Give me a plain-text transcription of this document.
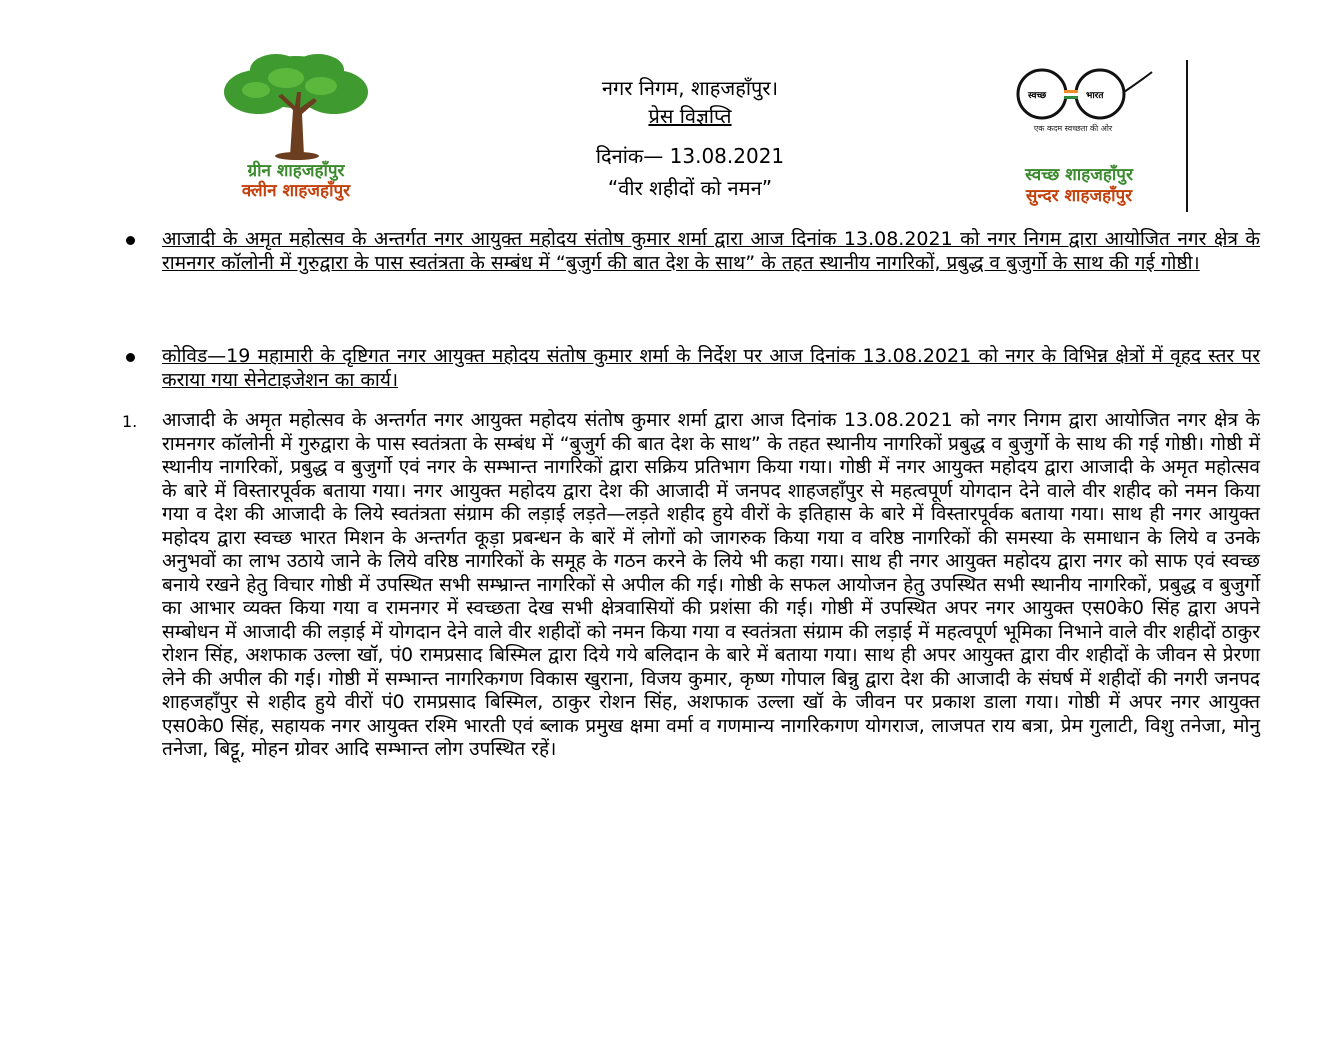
ग्रीन शाहजहाँपुर
क्लीन शाहजहाँपुर
नगर निगम, शाहजहाँपुर।
प्रेस विज्ञप्ति
दिनांक— 13.08.2021
“वीर शहीदों को नमन”
स्वच्छ	भारत
एक कदम स्वच्छता की ओर
स्वच्छ शाहजहाँपुर
सुन्दर शाहजहाँपुर
आजादी के अमृत महोत्सव के अन्तर्गत नगर आयुक्त महोदय संतोष कुमार शर्मा द्वारा आज दिनांक 13.08.2021 को नगर निगम द्वारा आयोजित नगर क्षेत्र के रामनगर कॉलोनी में गुरुद्वारा के पास स्वतंत्रता के सम्बंध में “बुजुर्ग की बात देश के साथ” के तहत स्थानीय नागरिकों, प्रबुद्ध व बुजुर्गो के साथ की गई गोष्ठी।
कोविड—19 महामारी के दृष्टिगत नगर आयुक्त महोदय संतोष कुमार शर्मा के निर्देश पर आज दिनांक 13.08.2021 को नगर के विभिन्न क्षेत्रों में वृहद स्तर पर कराया गया सेनेटाइजेशन का कार्य।
1. आजादी के अमृत महोत्सव के अन्तर्गत नगर आयुक्त महोदय संतोष कुमार शर्मा द्वारा आज दिनांक 13.08.2021 को नगर निगम द्वारा आयोजित नगर क्षेत्र के रामनगर कॉलोनी में गुरुद्वारा के पास स्वतंत्रता के सम्बंध में “बुजुर्ग की बात देश के साथ” के तहत स्थानीय नागरिकों प्रबुद्ध व बुजुर्गो के साथ की गई गोष्ठी। गोष्ठी में स्थानीय नागरिकों, प्रबुद्ध व बुजुर्गो एवं नगर के सम्भान्त नागरिकों द्वारा सक्रिय प्रतिभाग किया गया। गोष्ठी में नगर आयुक्त महोदय द्वारा आजादी के अमृत महोत्सव के बारे में विस्तारपूर्वक बताया गया। नगर आयुक्त महोदय द्वारा देश की आजादी में जनपद शाहजहाँपुर से महत्वपूर्ण योगदान देने वाले वीर शहीद को नमन किया गया व देश की आजादी के लिये स्वतंत्रता संग्राम की लड़ाई लड़ते—लड़ते शहीद हुये वीरों के इतिहास के बारे में विस्तारपूर्वक बताया गया। साथ ही नगर आयुक्त महोदय द्वारा स्वच्छ भारत मिशन के अन्तर्गत कूड़ा प्रबन्धन के बारें में लोगों को जागरुक किया गया व वरिष्ठ नागरिकों की समस्या के समाधान के लिये व उनके अनुभवों का लाभ उठाये जाने के लिये वरिष्ठ नागरिकों के समूह के गठन करने के लिये भी कहा गया। साथ ही नगर आयुक्त महोदय द्वारा नगर को साफ एवं स्वच्छ बनाये रखने हेतु विचार गोष्ठी में उपस्थित सभी सम्भ्रान्त नागरिकों से अपील की गई। गोष्ठी के सफल आयोजन हेतु उपस्थित सभी स्थानीय नागरिकों, प्रबुद्ध व बुजुर्गो का आभार व्यक्त किया गया व रामनगर में स्वच्छता देख सभी क्षेत्रवासियों की प्रशंसा की गई। गोष्ठी में उपस्थित अपर नगर आयुक्त एस0के0 सिंह द्वारा अपने सम्बोधन में आजादी की लड़ाई में योगदान देने वाले वीर शहीदों को नमन किया गया व स्वतंत्रता संग्राम की लड़ाई में महत्वपूर्ण भूमिका निभाने वाले वीर शहीदों ठाकुर रोशन सिंह, अशफाक उल्ला खॉ, पं0 रामप्रसाद बिस्मिल द्वारा दिये गये बलिदान के बारे में बताया गया। साथ ही अपर आयुक्त द्वारा वीर शहीदों के जीवन से प्रेरणा लेने की अपील की गई। गोष्ठी में सम्भान्त नागरिकगण विकास खुराना, विजय कुमार, कृष्ण गोपाल बिन्नु द्वारा देश की आजादी के संघर्ष में शहीदों की नगरी जनपद शाहजहाँपुर से शहीद हुये वीरों पं0 रामप्रसाद बिस्मिल, ठाकुर रोशन सिंह, अशफाक उल्ला खॉ के जीवन पर प्रकाश डाला गया। गोष्ठी में अपर नगर आयुक्त एस0के0 सिंह, सहायक नगर आयुक्त रश्मि भारती एवं ब्लाक प्रमुख क्षमा वर्मा व गणमान्य नागरिकगण योगराज, लाजपत राय बत्रा, प्रेम गुलाटी, विशु तनेजा, मोनु तनेजा, बिट्टू, मोहन ग्रोवर आदि सम्भान्त लोग उपस्थित रहें।
